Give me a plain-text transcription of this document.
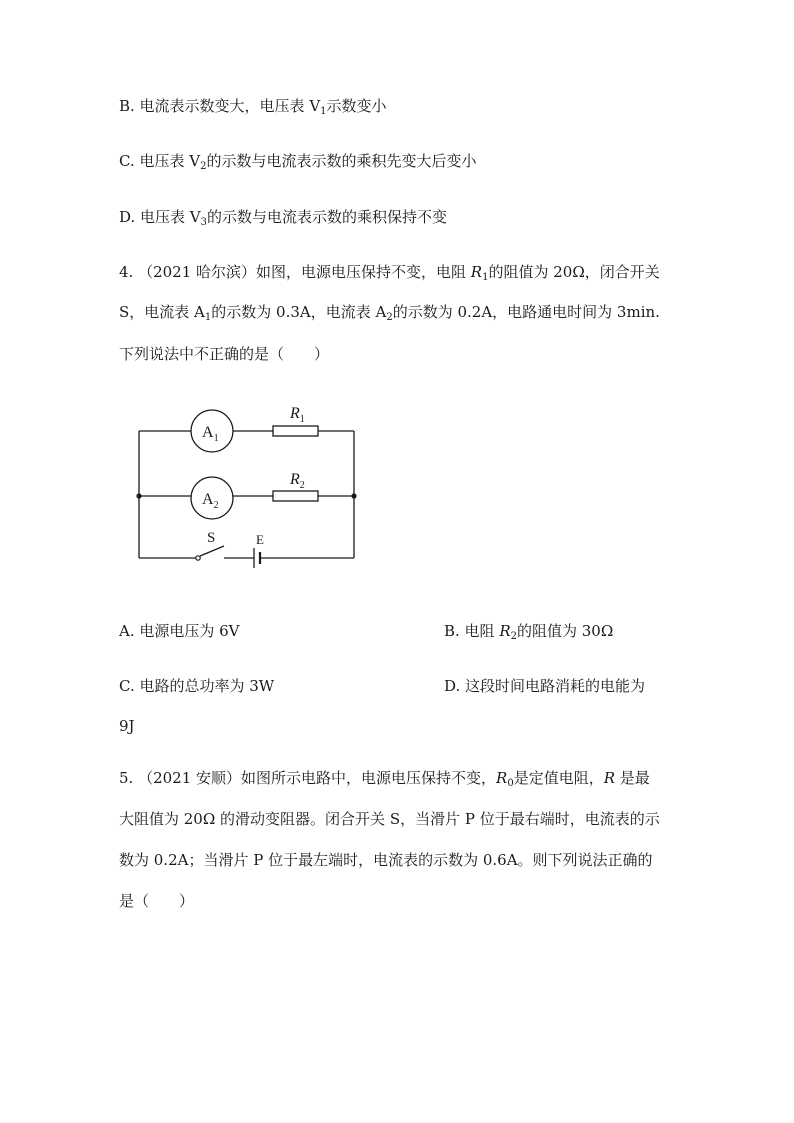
B. 电流表示数变大，电压表 $V_1$示数变小
C. 电压表 $V_2$的示数与电流表示数的乘积先变大后变小
D. 电压表 $V_3$的示数与电流表示数的乘积保持不变
4. （2021 哈尔滨）如图，电源电压保持不变，电阻 $R_1$的阻值为 20Ω，闭合开关
S，电流表 $A_1$的示数为 0.3A，电流表 $A_2$的示数为 0.2A，电路通电时间为 3min.
下列说法中不正确的是（　　）
$A_1$
$A_2$
$R_1$
$R_2$
S	E
A. 电源电压为 6V	B. 电阻 $R_2$的阻值为 30Ω
C. 电路的总功率为 3W	D. 这段时间电路消耗的电能为
9J
5. （2021 安顺）如图所示电路中，电源电压保持不变，$R_0$是定值电阻，R 是最
大阻值为 20Ω 的滑动变阻器。闭合开关 S，当滑片 P 位于最右端时，电流表的示
数为 0.2A；当滑片 P 位于最左端时，电流表的示数为 0.6A。则下列说法正确的
是（　　）
